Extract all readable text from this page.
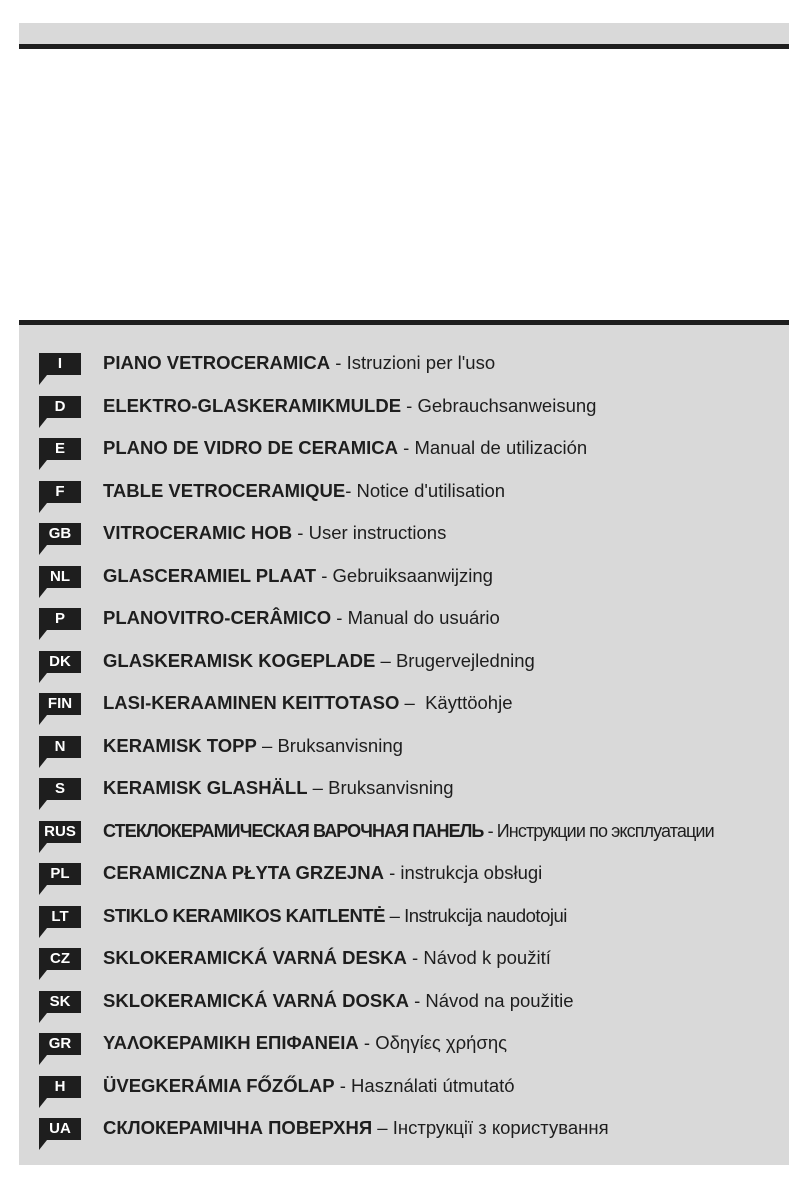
I	PIANO VETROCERAMICA - Istruzioni per l'uso
D	ELEKTRO-GLASKERAMIKMULDE - Gebrauchsanweisung
E	PLANO DE VIDRO DE CERAMICA - Manual de utilización
F	TABLE VETROCERAMIQUE- Notice d'utilisation
GB	VITROCERAMIC HOB - User instructions
NL	GLASCERAMIEL PLAAT - Gebruiksaanwijzing
P	PLANOVITRO-CERÂMICO - Manual do usuário
DK	GLASKERAMISK KOGEPLADE – Brugervejledning
FIN	LASI-KERAAMINEN KEITTOTASO –  Käyttöohje
N	KERAMISK TOPP – Bruksanvisning
S	KERAMISK GLASHÄLL – Bruksanvisning
RUS СТЕКЛОКЕРАМИЧЕСКАЯ ВАРОЧНАЯ ПАНЕЛЬ - Инструкции по эксплуатации
PL	CERAMICZNA PŁYTA GRZEJNA - instrukcja obsługi
LT	STIKLO KERAMIKOS KAITLENTĖ – Instrukcija naudotojui
CZ	SKLOKERAMICKÁ VARNÁ DESKA - Návod k použití
SK	SKLOKERAMICKÁ VARNÁ DOSKA - Návod na použitie
GR	ΥΑΛΟΚΕΡΑΜΙΚΗ ΕΠΙΦΑΝΕΙΑ - Οδηγίες χρήσης
H	ÜVEGKERÁMIA FŐZŐLAP - Használati útmutató
UA	СКЛОКЕРАМІЧНА ПОВЕРХНЯ – Інструкції з користування
